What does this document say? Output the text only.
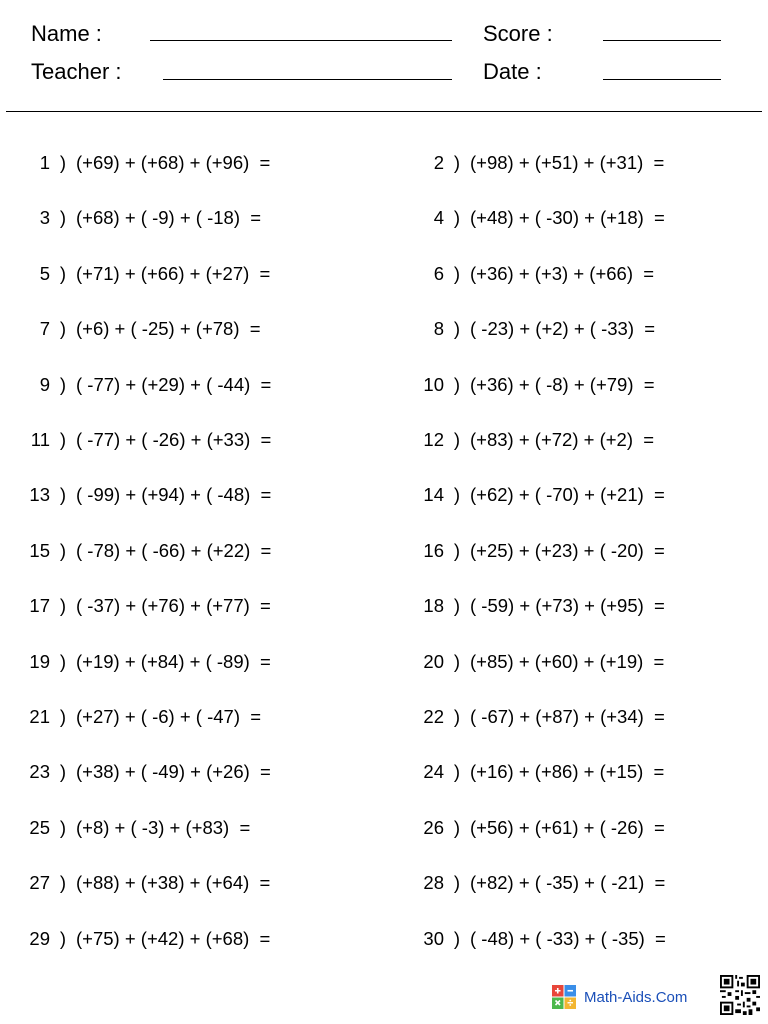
Name :
Teacher :
Score :
Date :
1 ) (+69) + (+68) + (+96)  =	2 ) (+98) + (+51) + (+31)  =
3 ) (+68) + ( -9) + ( -18)  =	4 ) (+48) + ( -30) + (+18)  =
5 ) (+71) + (+66) + (+27)  =	6 ) (+36) + (+3) + (+66)  =
7 ) (+6) + ( -25) + (+78)  =	8 ) ( -23) + (+2) + ( -33)  =
9 ) ( -77) + (+29) + ( -44)  =	10 ) (+36) + ( -8) + (+79)  =
11 ) ( -77) + ( -26) + (+33)  =	12 ) (+83) + (+72) + (+2)  =
13 ) ( -99) + (+94) + ( -48)  =	14 ) (+62) + ( -70) + (+21)  =
15 ) ( -78) + ( -66) + (+22)  =	16 ) (+25) + (+23) + ( -20)  =
17 ) ( -37) + (+76) + (+77)  =	18 ) ( -59) + (+73) + (+95)  =
19 ) (+19) + (+84) + ( -89)  =	20 ) (+85) + (+60) + (+19)  =
21 ) (+27) + ( -6) + ( -47)  =	22 ) ( -67) + (+87) + (+34)  =
23 ) (+38) + ( -49) + (+26)  =	24 ) (+16) + (+86) + (+15)  =
25 ) (+8) + ( -3) + (+83)  =	26 ) (+56) + (+61) + ( -26)  =
27 ) (+88) + (+38) + (+64)  =	28 ) (+82) + ( -35) + ( -21)  =
29 ) (+75) + (+42) + (+68)  =	30 ) ( -48) + ( -33) + ( -35)  =
Math-Aids.Com
